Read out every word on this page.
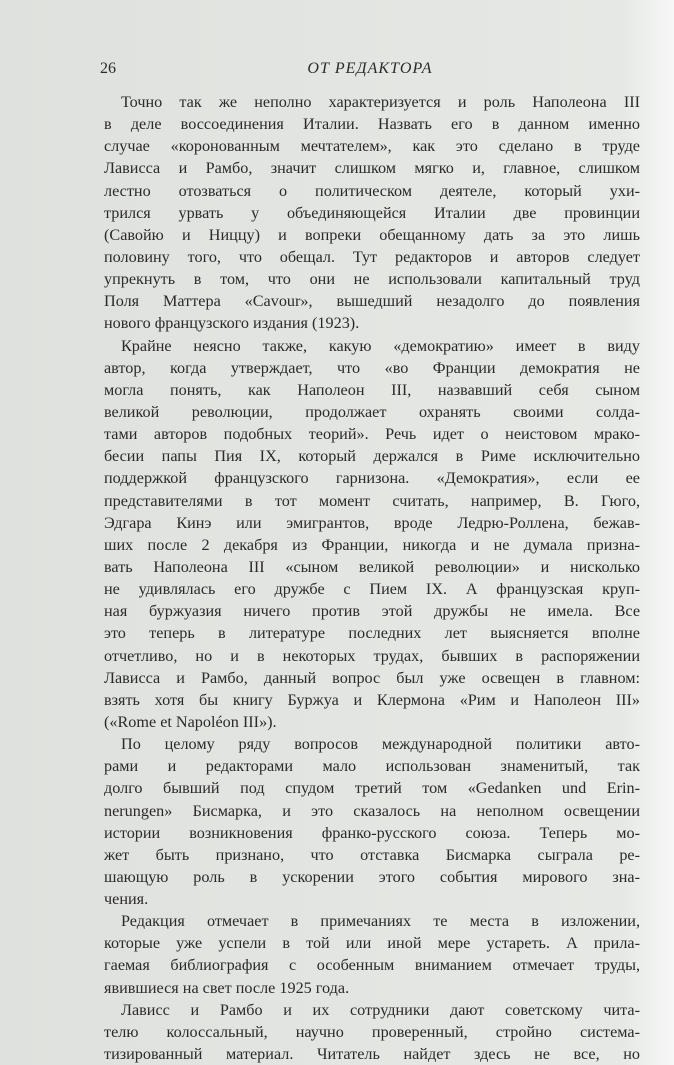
26	ОТ РЕДАКТОРА
Точно так же неполно характеризуется и роль Наполеона III
в деле воссоединения Италии. Назвать его в данном именно
случае «коронованным мечтателем», как это сделано в труде
Лависса и Рамбо, значит слишком мягко и, главное, слишком
лестно отозваться о политическом деятеле, который ухи-
трился урвать у объединяющейся Италии две провинции
(Савойю и Ниццу) и вопреки обещанному дать за это лишь
половину того, что обещал. Тут редакторов и авторов следует
упрекнуть в том, что они не использовали капитальный труд
Поля Маттера «Cavour», вышедший незадолго до появления
нового французского издания (1923).
Крайне неясно также, какую «демократию» имеет в виду
автор, когда утверждает, что «во Франции демократия не
могла понять, как Наполеон III, назвавший себя сыном
великой революции, продолжает охранять своими солда-
тами авторов подобных теорий». Речь идет о неистовом мрако-
бесии папы Пия IX, который держался в Риме исключительно
поддержкой французского гарнизона. «Демократия», если ее
представителями в тот момент считать, например, В. Гюго,
Эдгара Кинэ или эмигрантов, вроде Ледрю-Роллена, бежав-
ших после 2 декабря из Франции, никогда и не думала призна-
вать Наполеона III «сыном великой революции» и нисколько
не удивлялась его дружбе с Пием IX. А французская круп-
ная буржуазия ничего против этой дружбы не имела. Все
это теперь в литературе последних лет выясняется вполне
отчетливо, но и в некоторых трудах, бывших в распоряжении
Лависса и Рамбо, данный вопрос был уже освещен в главном:
взять хотя бы книгу Буржуа и Клермона «Рим и Наполеон III»
(«Rome et Napoléon III»).
По целому ряду вопросов международной политики авто-
рами и редакторами мало использован знаменитый, так
долго бывший под спудом третий том «Gedanken und Erin-
nerungen» Бисмарка, и это сказалось на неполном освещении
истории возникновения франко-русского союза. Теперь мо-
жет быть признано, что отставка Бисмарка сыграла ре-
шающую роль в ускорении этого события мирового зна-
чения.
Редакция отмечает в примечаниях те места в изложении,
которые уже успели в той или иной мере устареть. А прила-
гаемая библиография с особенным вниманием отмечает труды,
явившиеся на свет после 1925 года.
Лависс и Рамбо и их сотрудники дают советскому чита-
телю колоссальный, научно проверенный, стройно система-
тизированный материал. Читатель найдет здесь не все, но
